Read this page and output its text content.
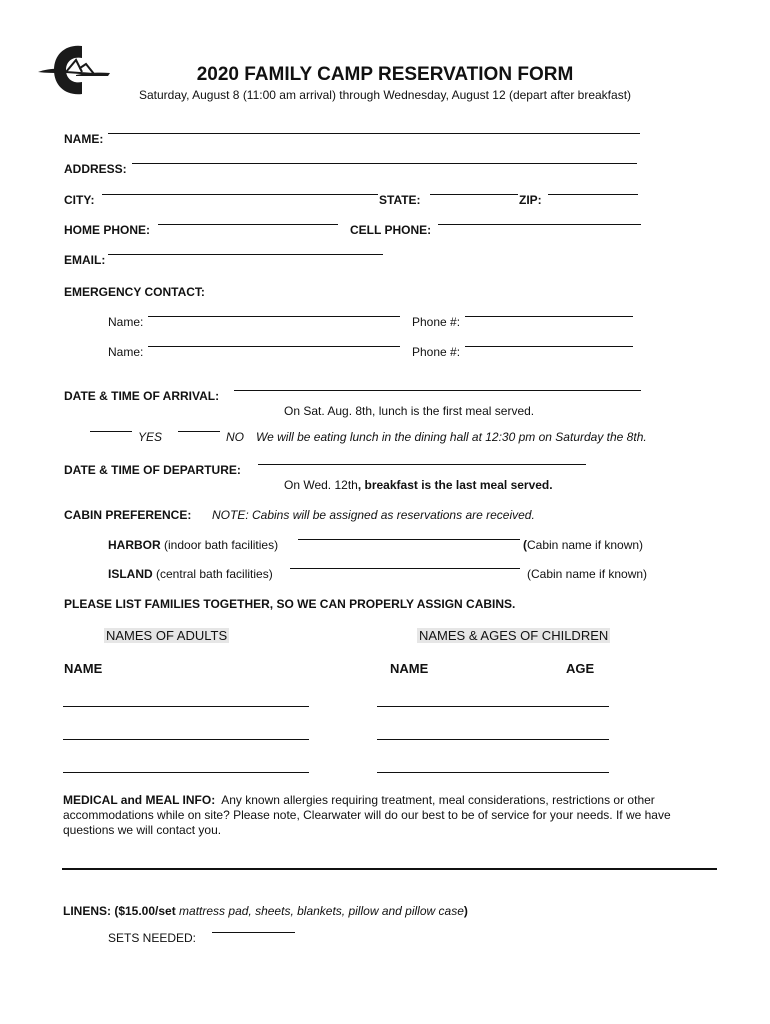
2020 FAMILY CAMP RESERVATION FORM
Saturday, August 8 (11:00 am arrival) through Wednesday, August 12 (depart after breakfast)
NAME:
ADDRESS:
CITY:	STATE:	ZIP:
HOME PHONE:	CELL PHONE:
EMAIL:
EMERGENCY CONTACT:
Name:	Phone #:
Name:	Phone #:
DATE & TIME OF ARRIVAL:
On Sat. Aug. 8th, lunch is the first meal served.
YES	NO We will be eating lunch in the dining hall at 12:30 pm on Saturday the 8th.
DATE & TIME OF DEPARTURE:
On Wed. 12th, breakfast is the last meal served.
CABIN PREFERENCE: NOTE: Cabins will be assigned as reservations are received.
HARBOR (indoor bath facilities)	(Cabin name if known)
ISLAND (central bath facilities)	(Cabin name if known)
PLEASE LIST FAMILIES TOGETHER, SO WE CAN PROPERLY ASSIGN CABINS.
NAMES OF ADULTS	NAMES & AGES OF CHILDREN
NAME	NAME	AGE
MEDICAL and MEAL INFO: Any known allergies requiring treatment, meal considerations, restrictions or other accommodations while on site? Please note, Clearwater will do our best to be of service for your needs. If we have questions we will contact you.
LINENS: ($15.00/set mattress pad, sheets, blankets, pillow and pillow case)
SETS NEEDED:
